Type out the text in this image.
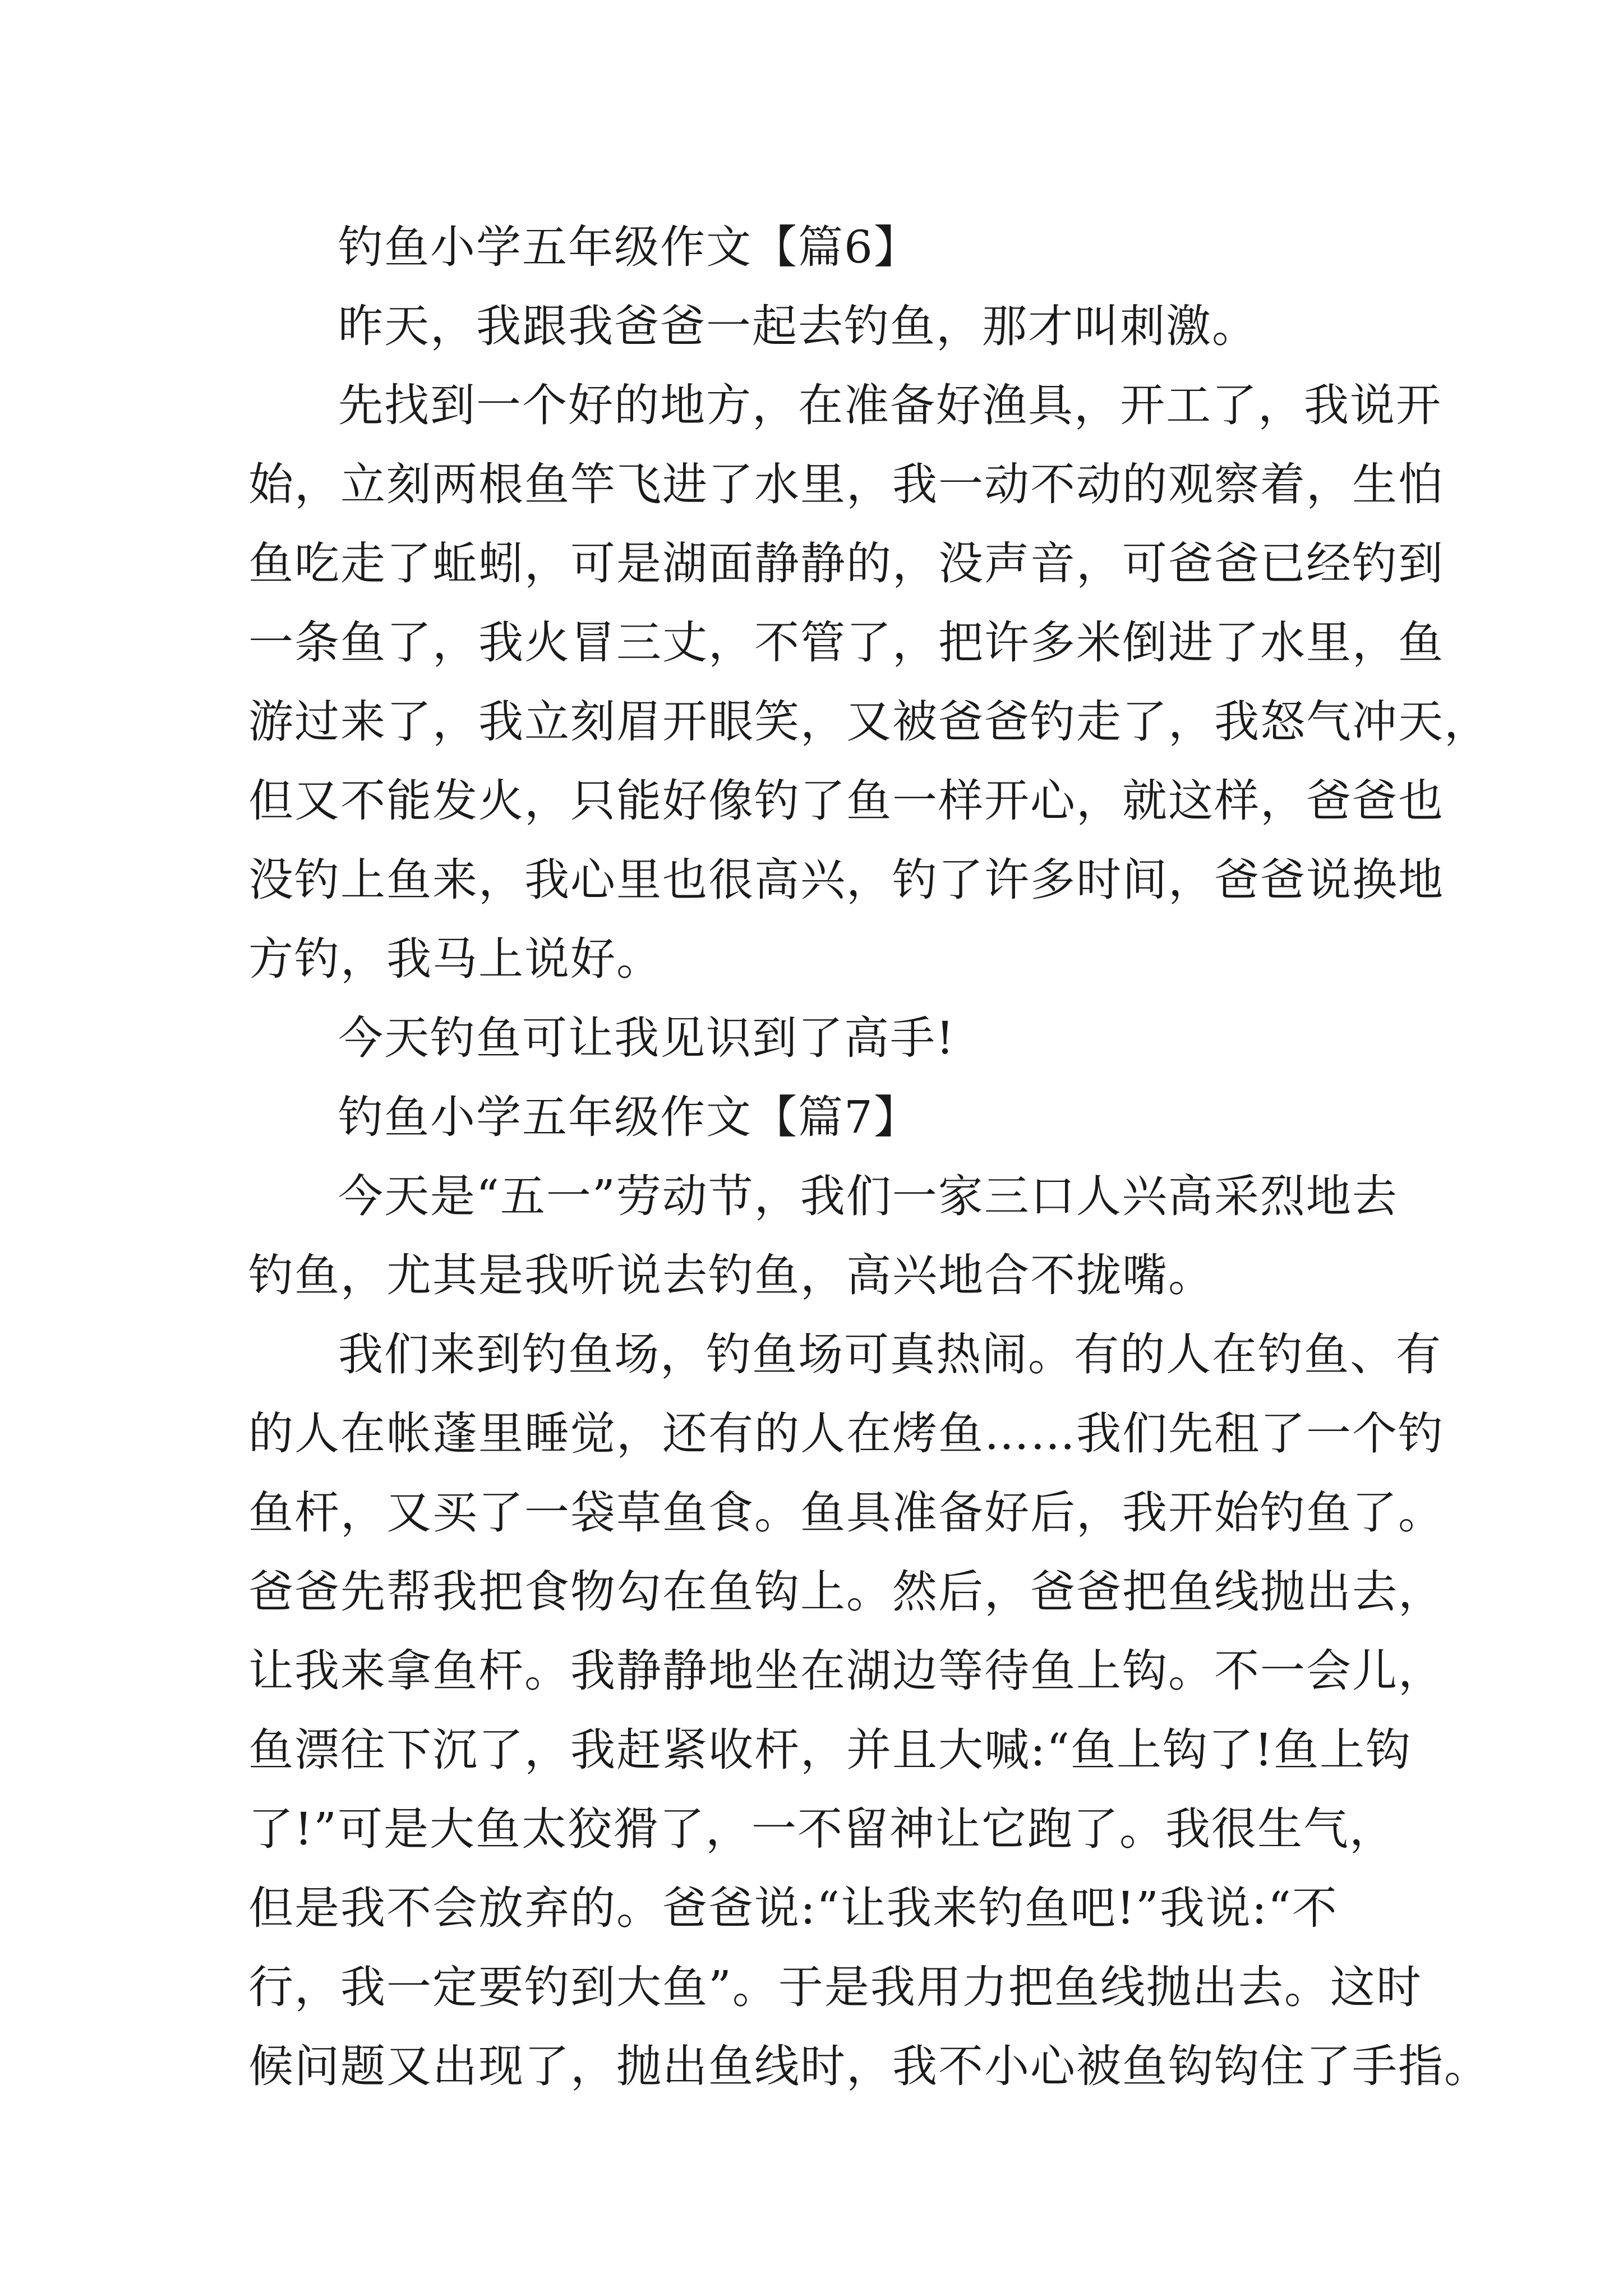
钓鱼小学五年级作文【篇6】
昨天，我跟我爸爸一起去钓鱼，那才叫刺激。
先找到一个好的地方，在准备好渔具，开工了，我说开
始，立刻两根鱼竿飞进了水里，我一动不动的观察着，生怕
鱼吃走了蚯蚓，可是湖面静静的，没声音，可爸爸已经钓到
一条鱼了，我火冒三丈，不管了，把许多米倒进了水里，鱼
游过来了，我立刻眉开眼笑，又被爸爸钓走了，我怒气冲天，
但又不能发火，只能好像钓了鱼一样开心，就这样，爸爸也
没钓上鱼来，我心里也很高兴，钓了许多时间，爸爸说换地
方钓，我马上说好。
今天钓鱼可让我见识到了高手!
钓鱼小学五年级作文【篇7】
今天是“五一”劳动节，我们一家三口人兴高采烈地去
钓鱼，尤其是我听说去钓鱼，高兴地合不拢嘴。
我们来到钓鱼场，钓鱼场可真热闹。有的人在钓鱼、有
的人在帐蓬里睡觉，还有的人在烤鱼……我们先租了一个钓
鱼杆，又买了一袋草鱼食。鱼具准备好后，我开始钓鱼了。
爸爸先帮我把食物勾在鱼钩上。然后，爸爸把鱼线抛出去，
让我来拿鱼杆。我静静地坐在湖边等待鱼上钩。不一会儿，
鱼漂往下沉了，我赶紧收杆，并且大喊:“鱼上钩了!鱼上钩
了!”可是大鱼太狡猾了，一不留神让它跑了。我很生气，
但是我不会放弃的。爸爸说:“让我来钓鱼吧!”我说:“不
行，我一定要钓到大鱼”。于是我用力把鱼线抛出去。这时
候问题又出现了，抛出鱼线时，我不小心被鱼钩钩住了手指。
